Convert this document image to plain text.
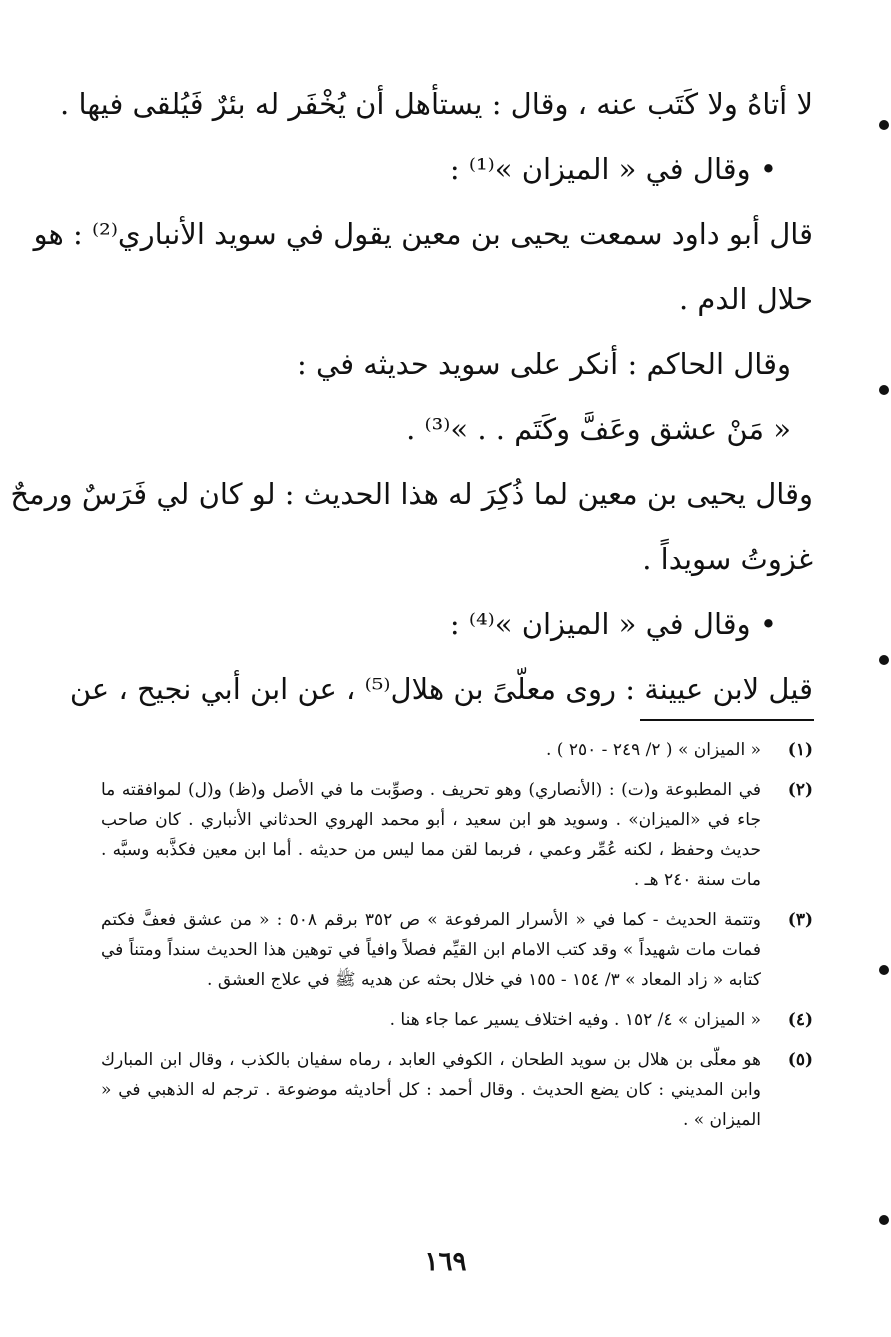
لا أتاهُ ولا كَتَب عنه ، وقال : يستأهل أن يُخْفَر له بئرٌ فَيُلقى فيها .
• وقال في « الميزان »⁽¹⁾ :
قال أبو داود سمعت يحيى بن معين يقول في سويد الأنباري⁽²⁾ : هو
حلال الدم .
وقال الحاكم : أنكر على سويد حديثه في :
« مَنْ عشق وعَفَّ وكَتَم . . »⁽³⁾ .
وقال يحيى بن معين لما ذُكِرَ له هذا الحديث : لو كان لي فَرَسٌ ورمحٌ
غزوتُ سويداً .
• وقال في « الميزان »⁽⁴⁾ :
قيل لابن عيينة : روى معلّىً بن هلال⁽⁵⁾ ، عن ابن أبي نجيح ، عن
(١)
« الميزان » ( ٢/ ٢٤٩ - ٢٥٠ ) .
(٢)
في المطبوعة و(ت) : (الأنصاري) وهو تحريف . وصوِّبت ما في الأصل و(ظ) و(ل) لموافقته ما جاء في «الميزان» . وسويد هو ابن سعيد ، أبو محمد الهروي الحدثاني الأنباري . كان صاحب حديث وحفظ ، لكنه عُمِّر وعمي ، فربما لقن مما ليس من حديثه . أما ابن معين فكذَّبه وسبَّه . مات سنة ٢٤٠ هـ .
(٣)
وتتمة الحديث - كما في « الأسرار المرفوعة » ص ٣٥٢ برقم ٥٠٨ : « من عشق فعفَّ فكتم فمات مات شهيداً » وقد كتب الامام ابن القيِّم فصلاً وافياً في توهين هذا الحديث سنداً ومتناً في كتابه « زاد المعاد » ٣/ ١٥٤ - ١٥٥ في خلال بحثه عن هديه ﷺ في علاج العشق .
(٤)
« الميزان » ٤/ ١٥٢ . وفيه اختلاف يسير عما جاء هنا .
(٥)
هو معلّى بن هلال بن سويد الطحان ، الكوفي العابد ، رماه سفيان بالكذب ، وقال ابن المبارك وابن المديني : كان يضع الحديث . وقال أحمد : كل أحاديثه موضوعة . ترجم له الذهبي في « الميزان » .
١٦٩
